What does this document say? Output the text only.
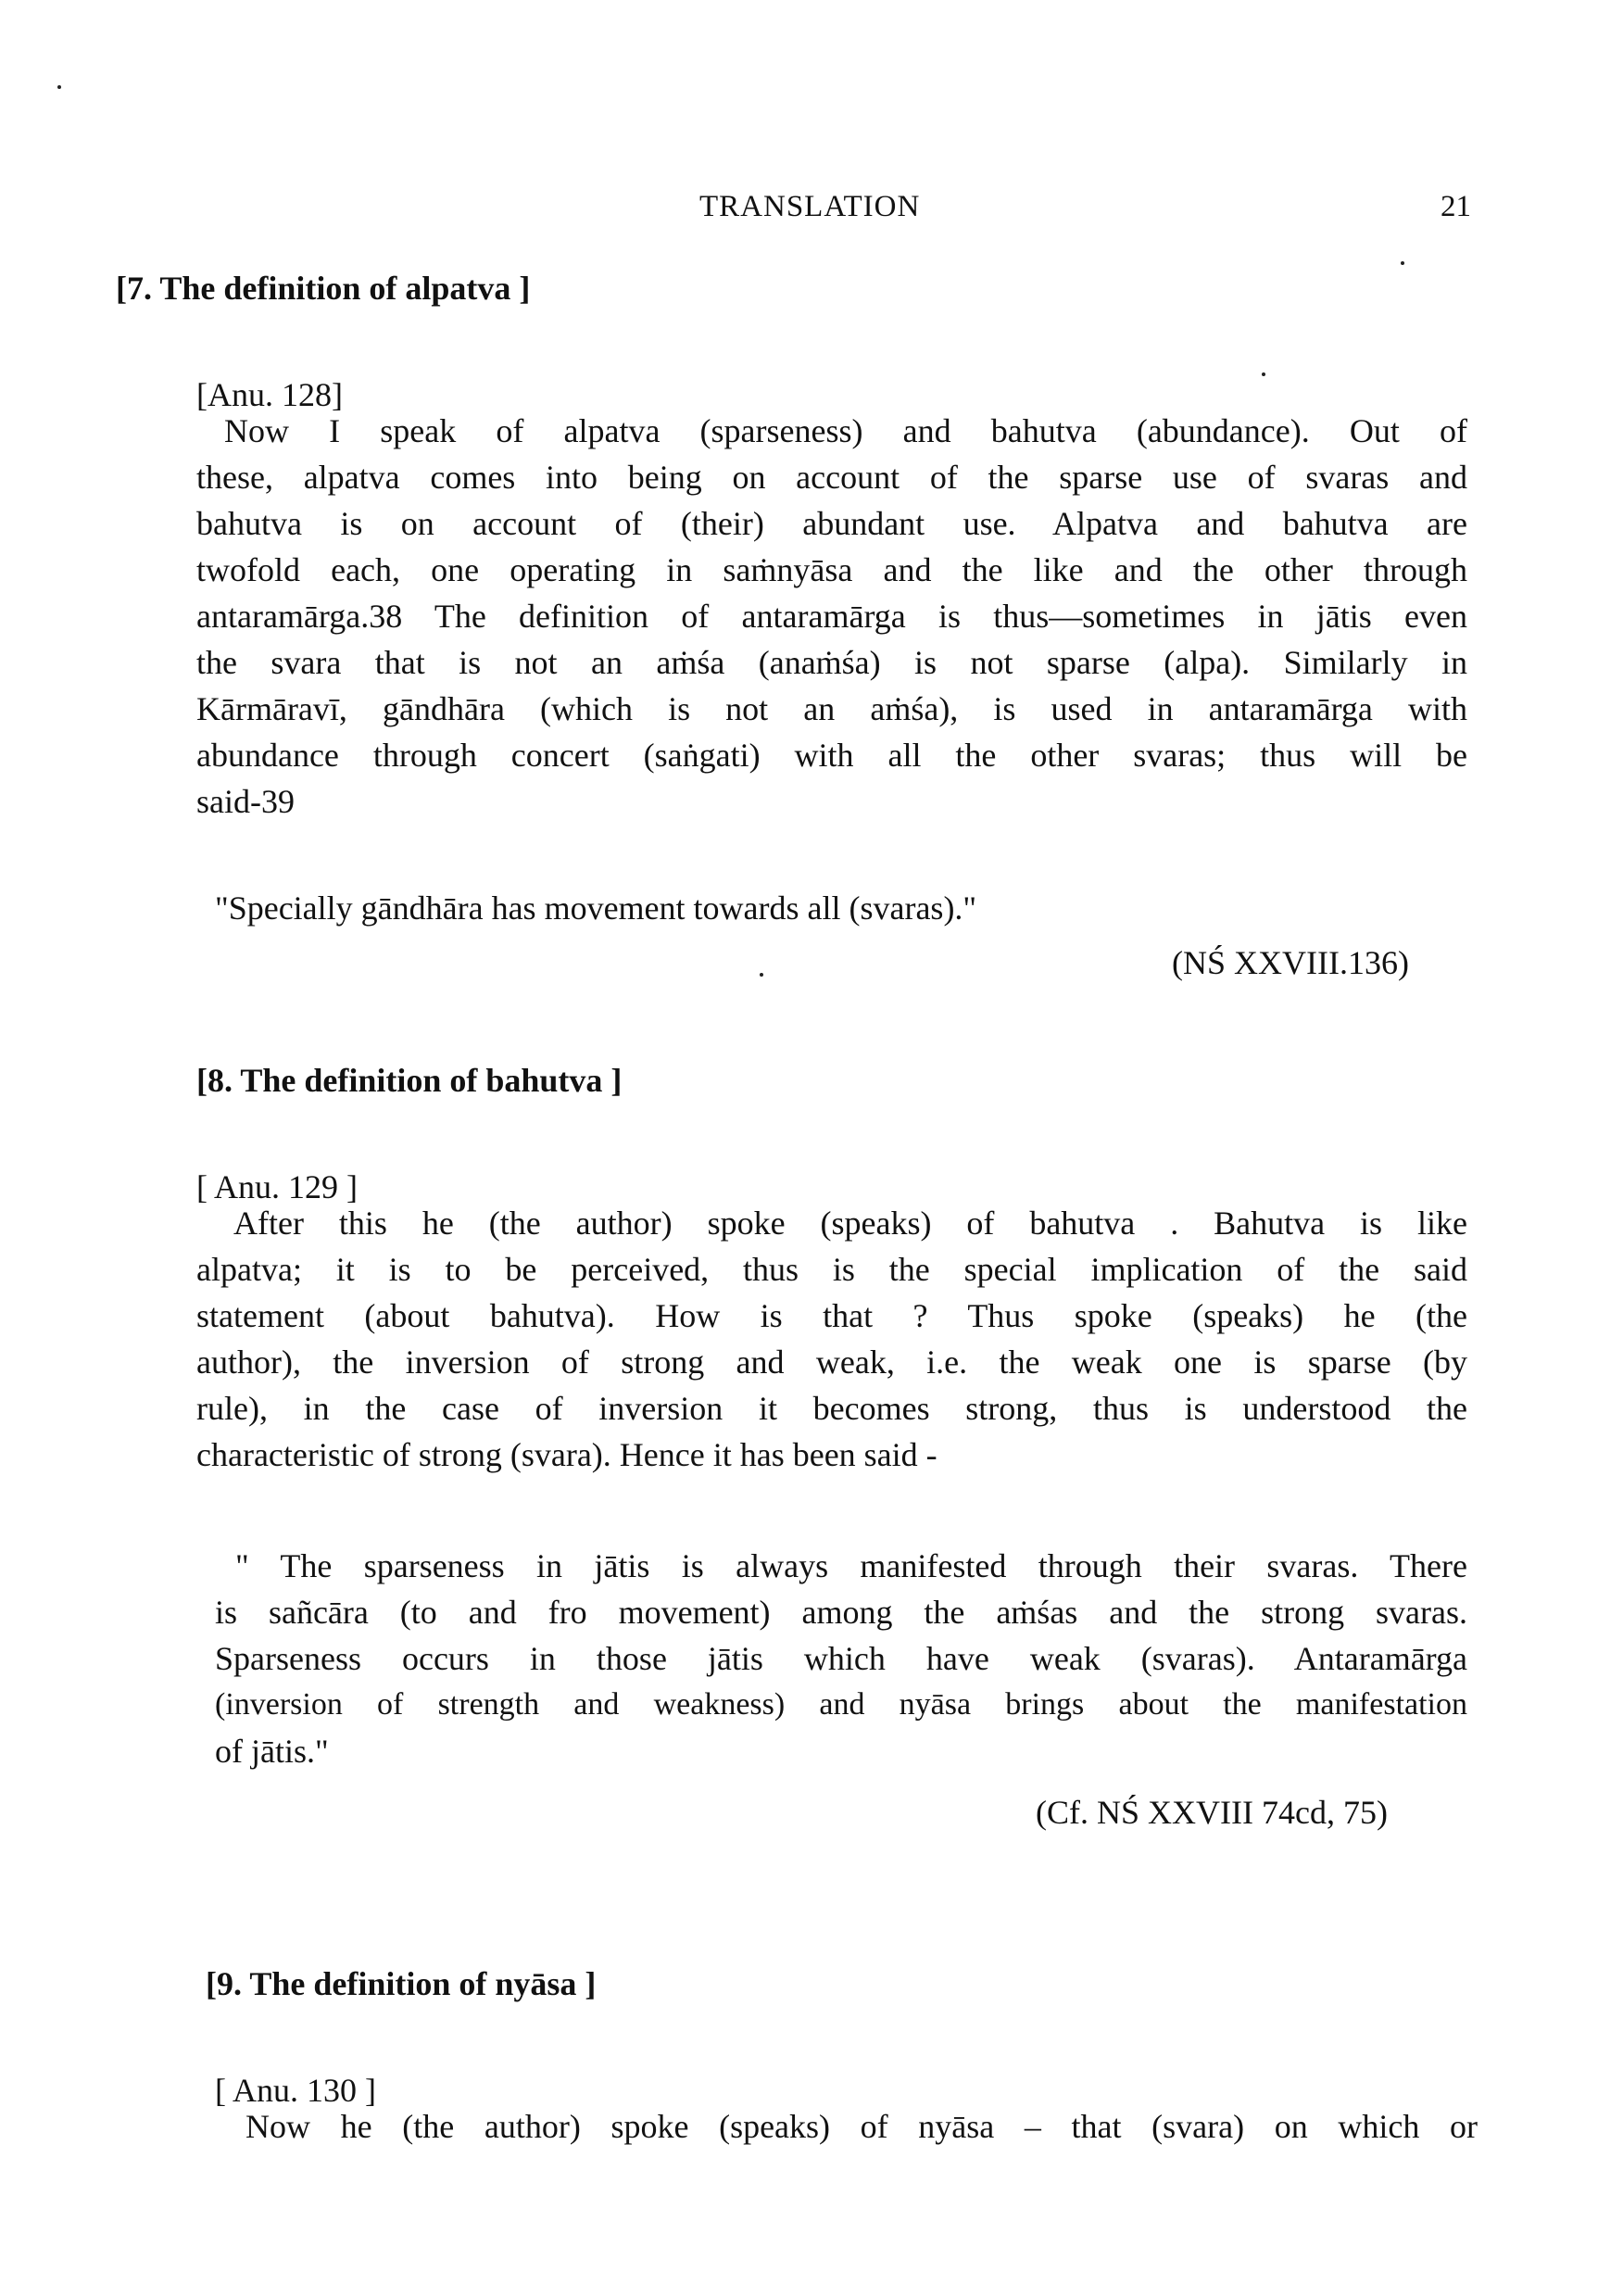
TRANSLATION	21
[7. The definition of alpatva ]
[Anu. 128]
Now I speak of alpatva (sparseness) and bahutva (abundance). Out of
these, alpatva comes into being on account of the sparse use of svaras and
bahutva is on account of (their) abundant use. Alpatva and bahutva are
twofold each, one operating in saṁnyāsa and the like and the other through
antaramārga.38 The definition of antaramārga is thus—sometimes in jātis even
the svara that is not an aṁśa (anaṁśa) is not sparse (alpa). Similarly in
Kārmāravī, gāndhāra (which is not an aṁśa), is used in antaramārga with
abundance through concert (saṅgati) with all the other svaras; thus will be
said-39
"Specially gāndhāra has movement towards all (svaras)."
(NŚ XXVIII.136)
[8. The definition of bahutva ]
[ Anu. 129 ]
After this he (the author) spoke (speaks) of bahutva . Bahutva is like
alpatva; it is to be perceived, thus is the special implication of the said
statement (about bahutva). How is that ? Thus spoke (speaks) he (the
author), the inversion of strong and weak, i.e. the weak one is sparse (by
rule), in the case of inversion it becomes strong, thus is understood the
characteristic of strong (svara). Hence it has been said -
" The sparseness in jātis is always manifested through their svaras. There
is sañcāra (to and fro movement) among the aṁśas and the strong svaras.
Sparseness occurs in those jātis which have weak (svaras). Antaramārga
(inversion of strength and weakness) and nyāsa brings about the manifestation
of jātis."
(Cf. NŚ XXVIII 74cd, 75)
[9. The definition of nyāsa ]
[ Anu. 130 ]
Now he (the author) spoke (speaks) of nyāsa – that (svara) on which or
